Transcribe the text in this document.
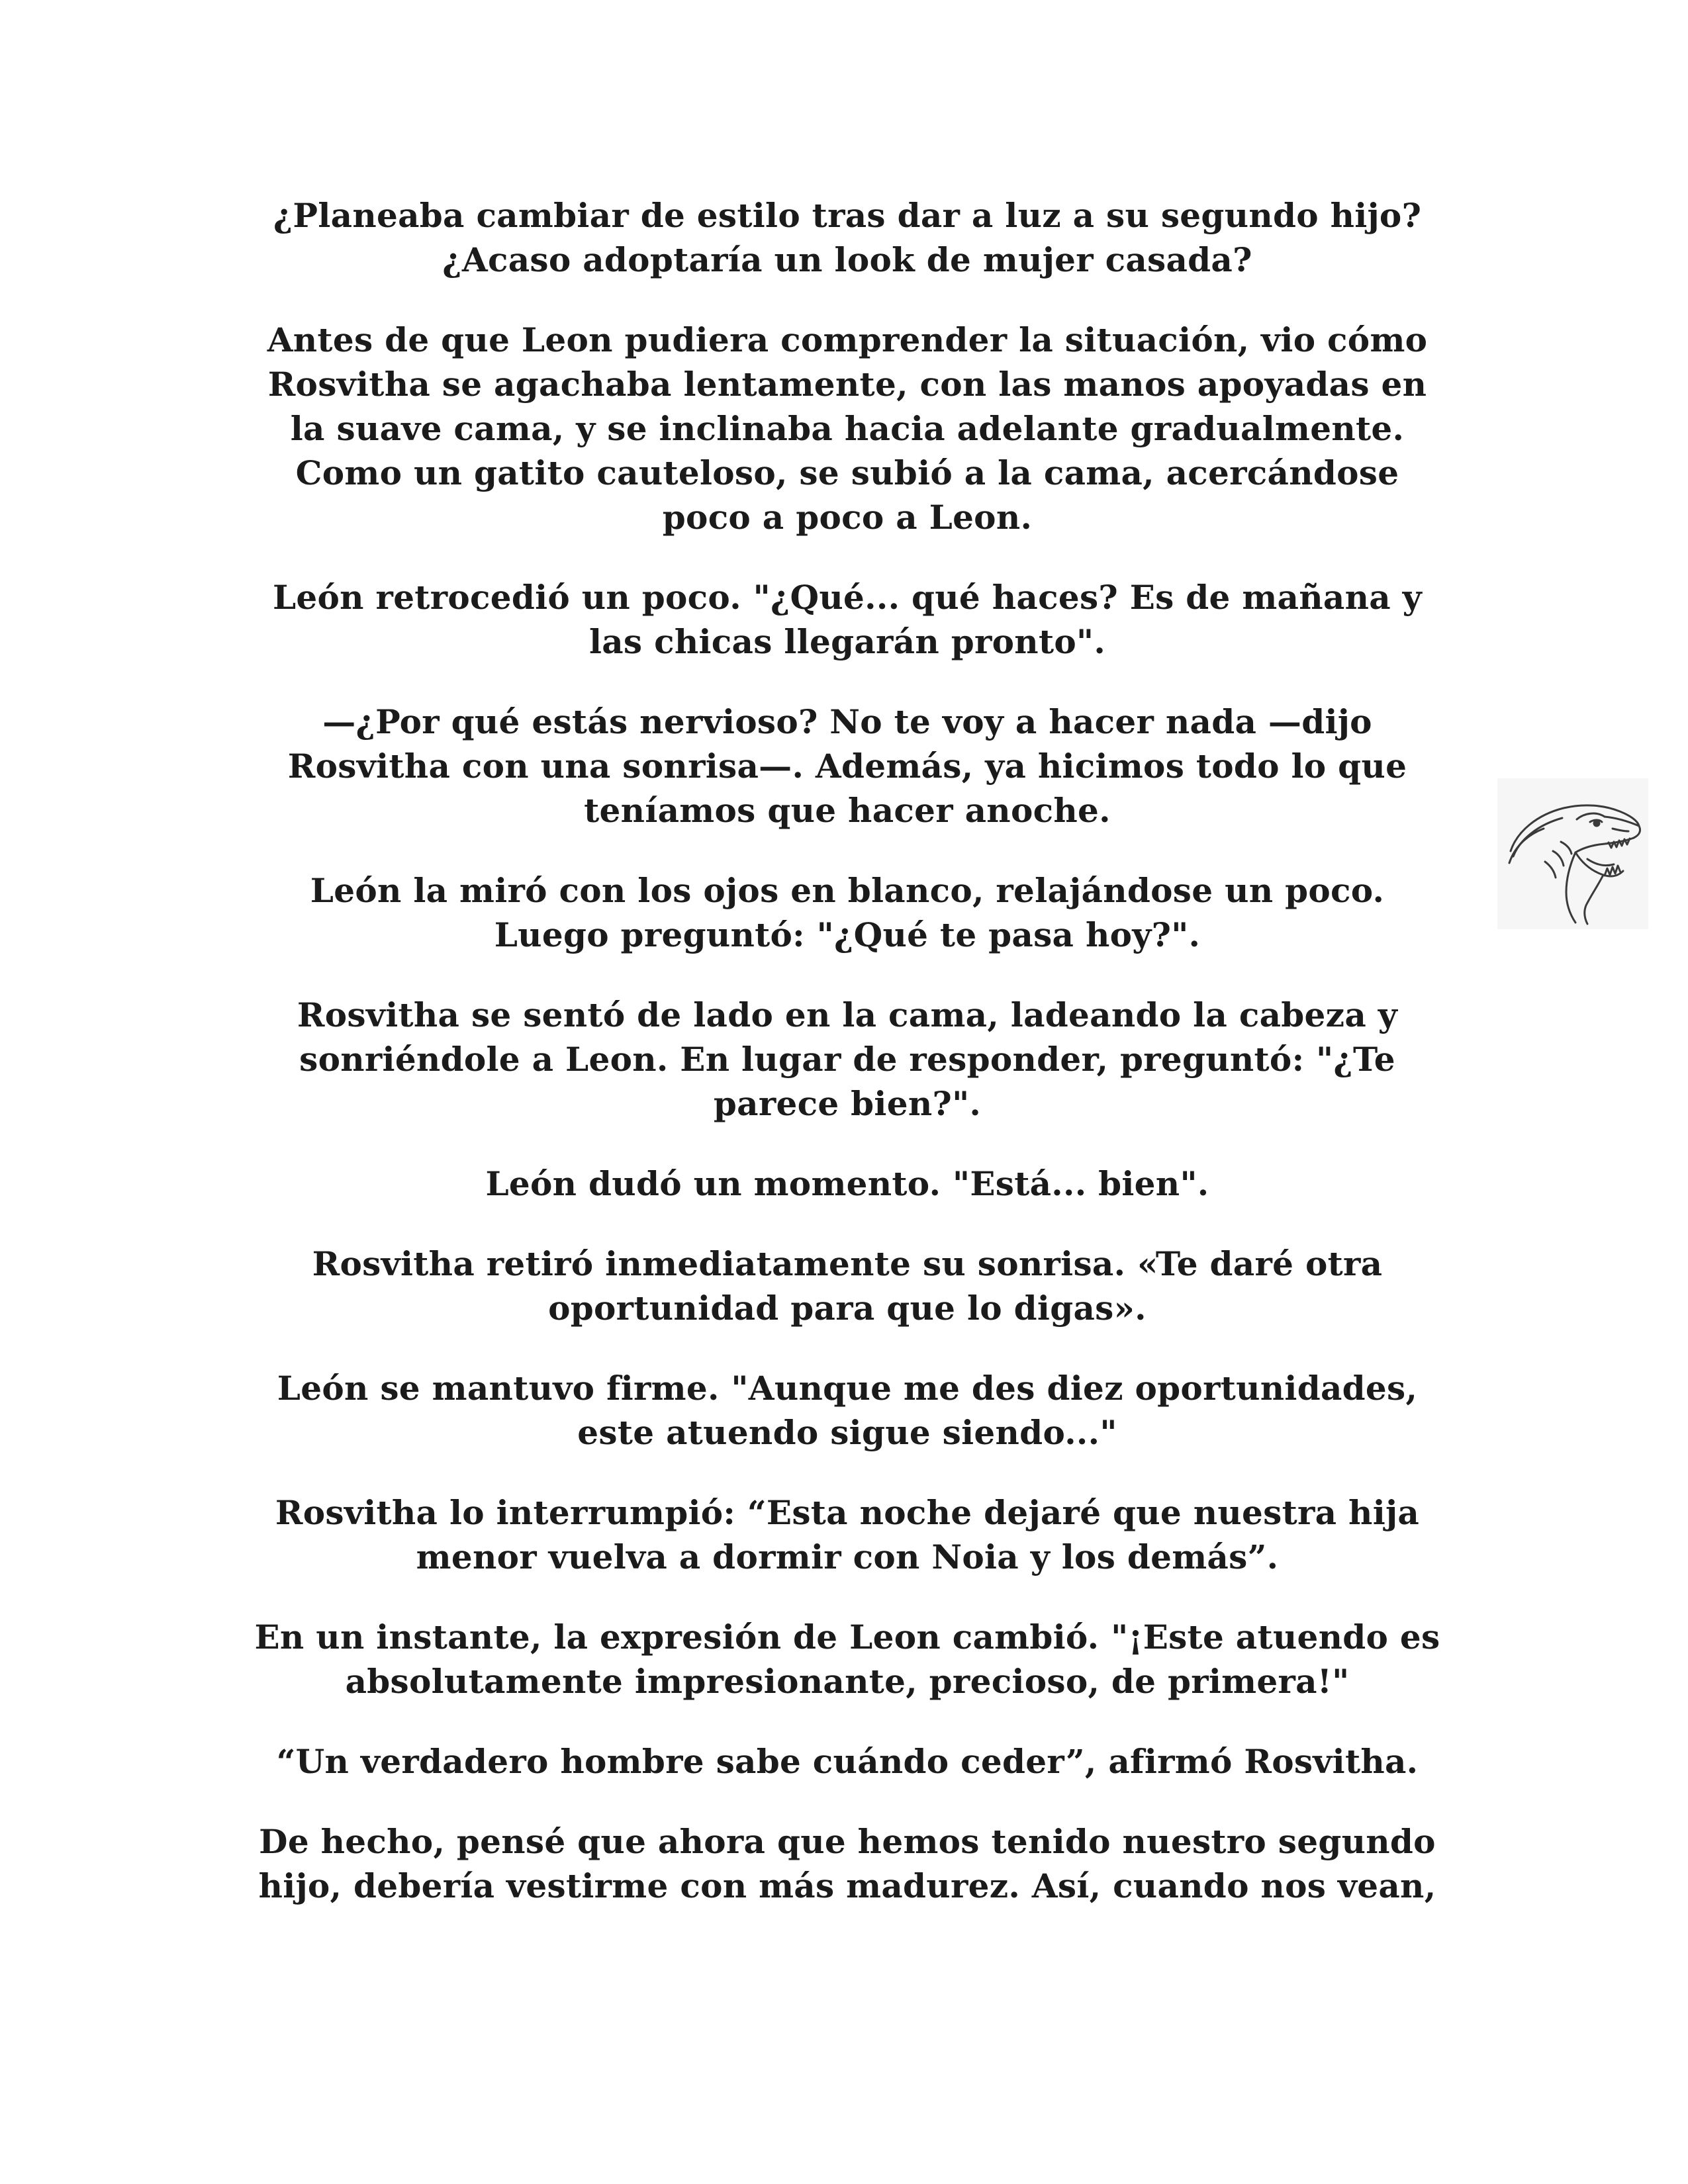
¿Planeaba cambiar de estilo tras dar a luz a su segundo hijo?
¿Acaso adoptaría un look de mujer casada?

Antes de que Leon pudiera comprender la situación, vio cómo
Rosvitha se agachaba lentamente, con las manos apoyadas en
la suave cama, y se inclinaba hacia adelante gradualmente.
Como un gatito cauteloso, se subió a la cama, acercándose
poco a poco a Leon.

León retrocedió un poco. "¿Qué... qué haces? Es de mañana y
las chicas llegarán pronto".

—¿Por qué estás nervioso? No te voy a hacer nada —dijo
Rosvitha con una sonrisa—. Además, ya hicimos todo lo que
teníamos que hacer anoche.

León la miró con los ojos en blanco, relajándose un poco.
Luego preguntó: "¿Qué te pasa hoy?".

Rosvitha se sentó de lado en la cama, ladeando la cabeza y
sonriéndole a Leon. En lugar de responder, preguntó: "¿Te
parece bien?".

León dudó un momento. "Está... bien".

Rosvitha retiró inmediatamente su sonrisa. «Te daré otra
oportunidad para que lo digas».

León se mantuvo firme. "Aunque me des diez oportunidades,
este atuendo sigue siendo..."

Rosvitha lo interrumpió: “Esta noche dejaré que nuestra hija
menor vuelva a dormir con Noia y los demás”.

En un instante, la expresión de Leon cambió. "¡Este atuendo es
absolutamente impresionante, precioso, de primera!"

“Un verdadero hombre sabe cuándo ceder”, afirmó Rosvitha.

De hecho, pensé que ahora que hemos tenido nuestro segundo
hijo, debería vestirme con más madurez. Así, cuando nos vean,
